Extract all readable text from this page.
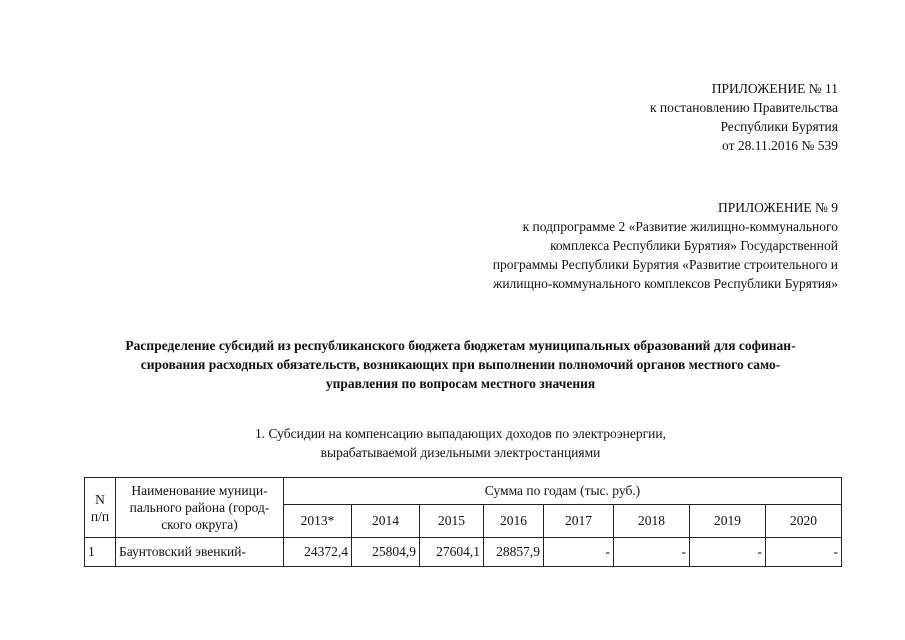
ПРИЛОЖЕНИЕ № 11
к постановлению Правительства
Республики Бурятия
от 28.11.2016 № 539
ПРИЛОЖЕНИЕ № 9
к подпрограмме 2 «Развитие жилищно-коммунального
комплекса Республики Бурятия» Государственной
программы Республики Бурятия «Развитие строительного и
жилищно-коммунального комплексов Республики Бурятия»
Распределение субсидий из республиканского бюджета бюджетам муниципальных образований для софинан-
сирования расходных обязательств, возникающих при выполнении полномочий органов местного само-
управления по вопросам местного значения
1. Субсидии на компенсацию выпадающих доходов по электроэнергии,
вырабатываемой дизельными электростанциями
N п/п	Наименование муници-пального района (город-ского округа)	Сумма по годам (тыс. руб.)							
		2013*	2014	2015	2016	2017	2018	2019	2020
1	Баунтовский эвенкий-	24372,4	25804,9	27604,1	28857,9	-	-	-	-
